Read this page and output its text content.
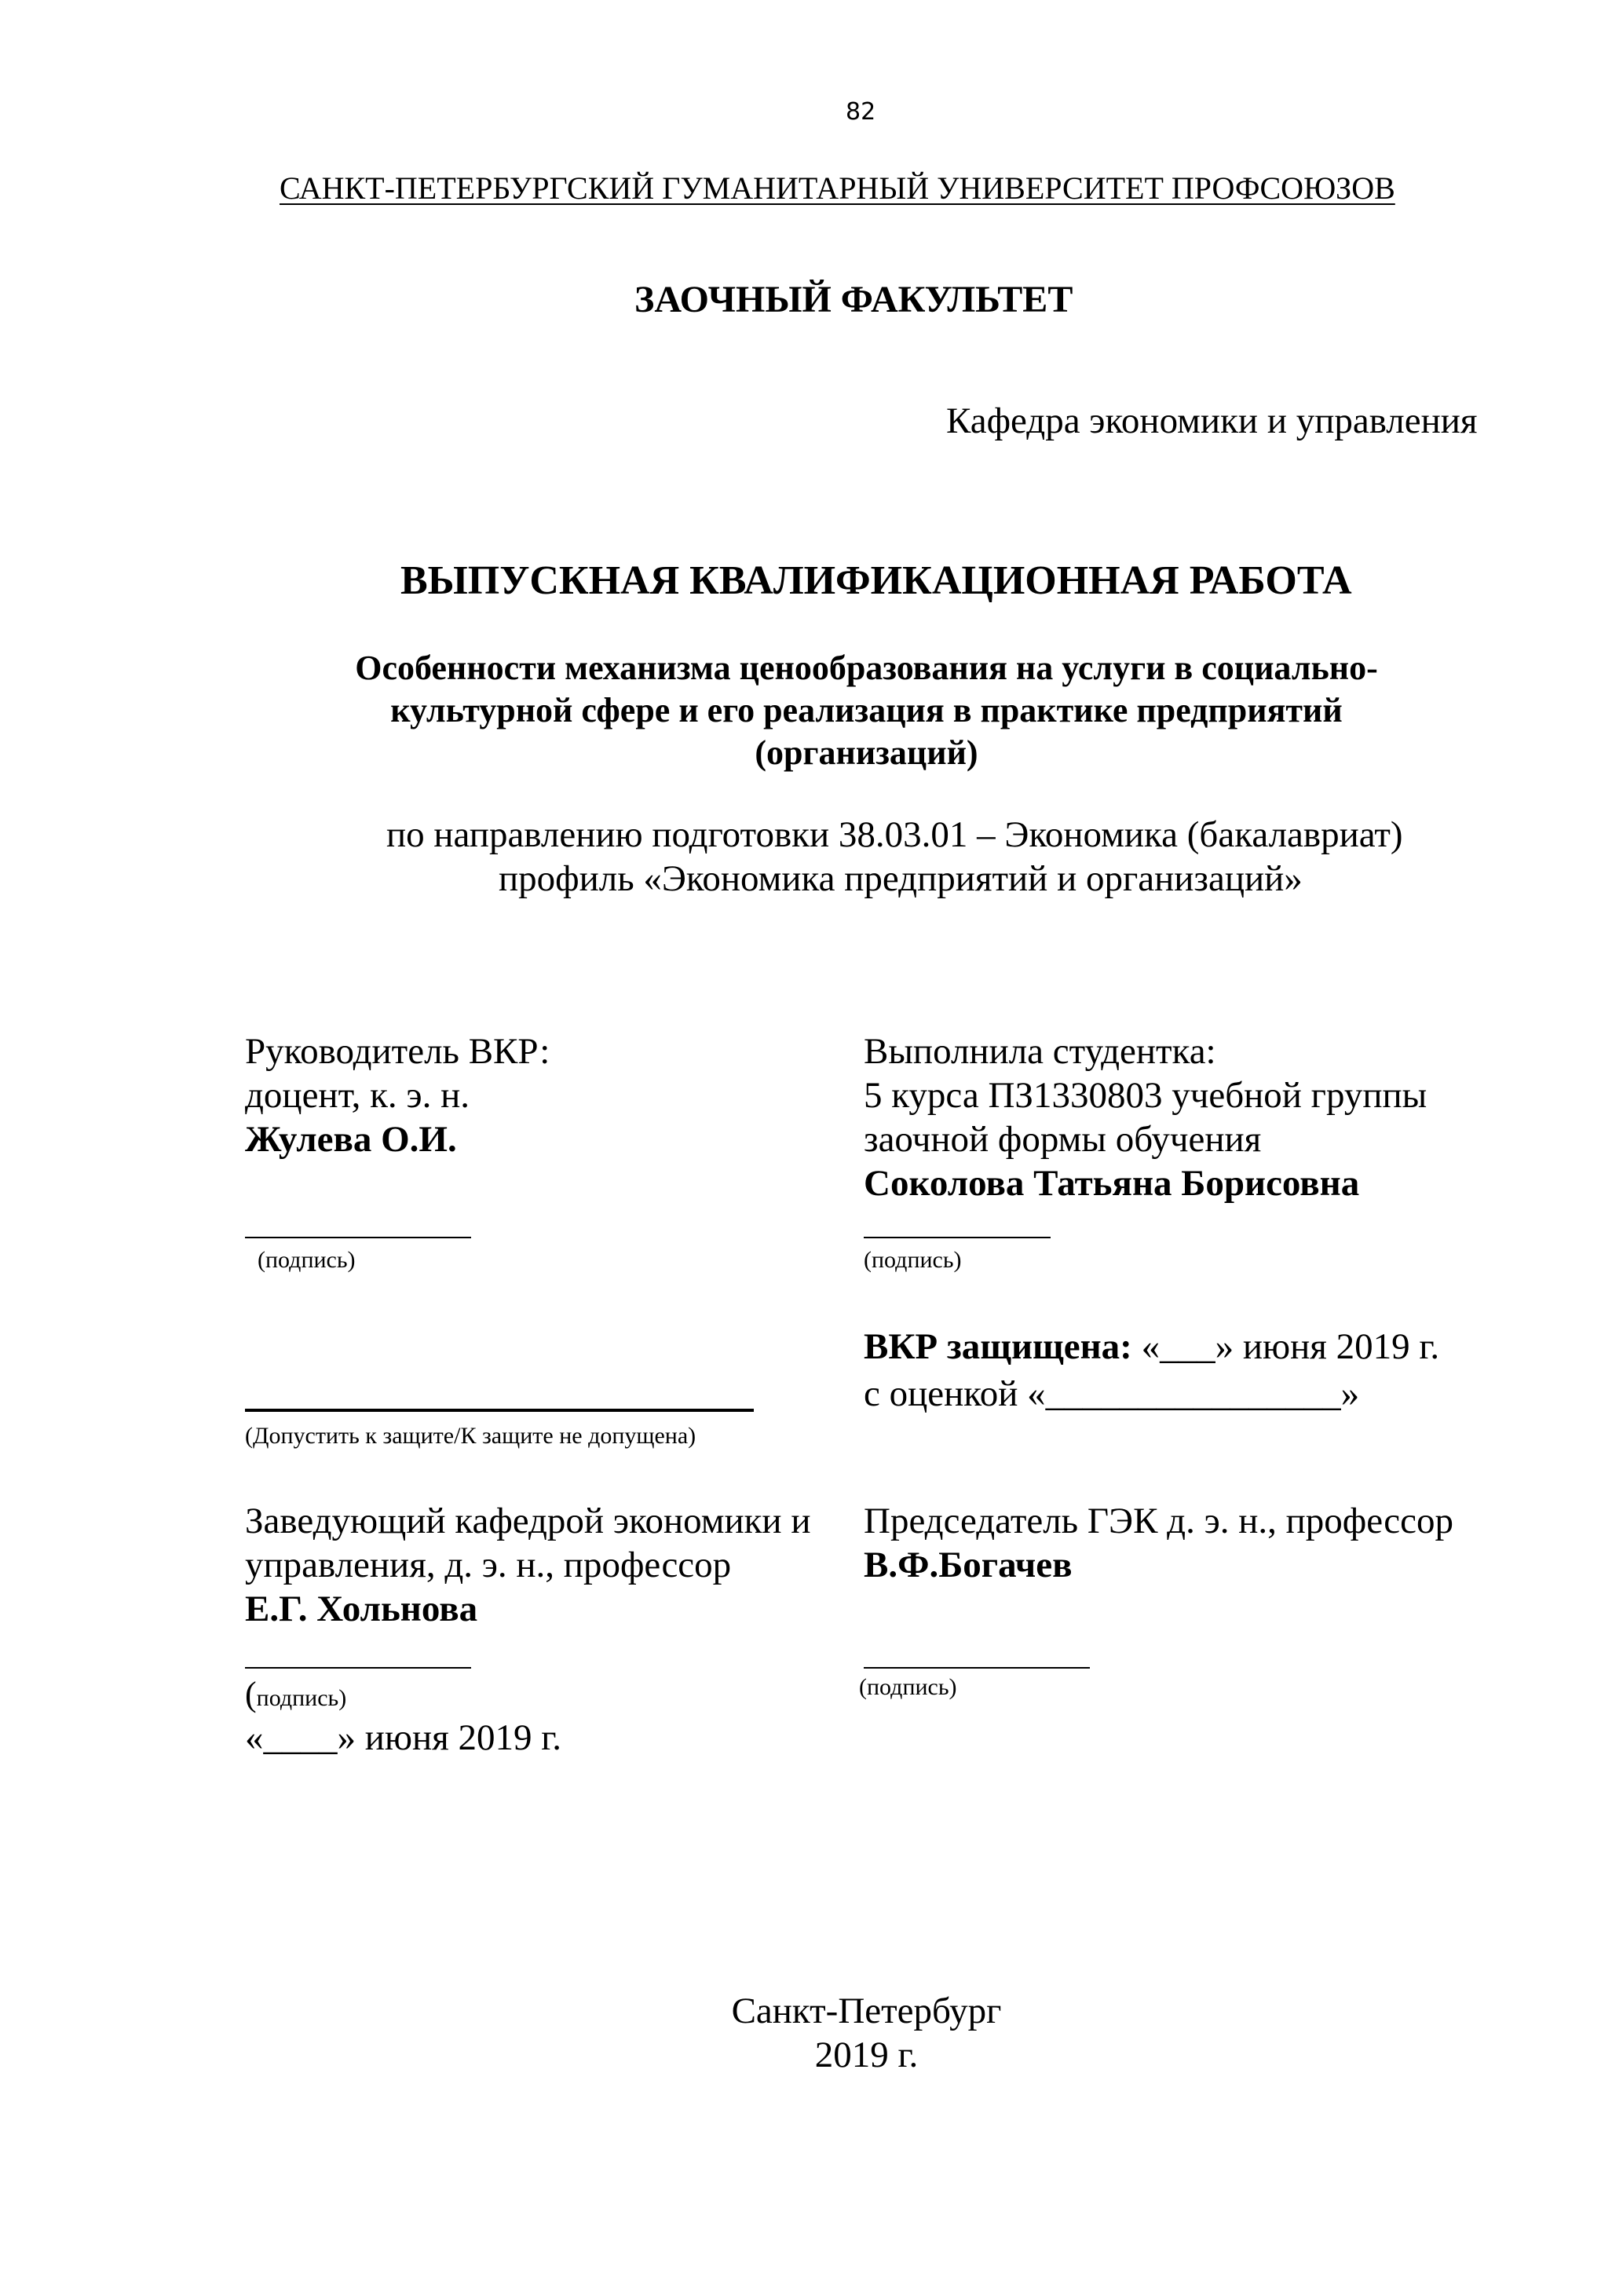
82
САНКТ-ПЕТЕРБУРГСКИЙ ГУМАНИТАРНЫЙ УНИВЕРСИТЕТ ПРОФСОЮЗОВ
ЗАОЧНЫЙ ФАКУЛЬТЕТ
Кафедра экономики и управления
ВЫПУСКНАЯ КВАЛИФИКАЦИОННАЯ РАБОТА
Особенности механизма ценообразования на услуги в социально-
культурной сфере и его реализация в практике предприятий
(организаций)
по направлению подготовки 38.03.01 – Экономика (бакалавриат)
профиль «Экономика предприятий и организаций»
Руководитель ВКР:
доцент, к. э. н.
Жулева О.И.
(подпись)
Выполнила студентка:
5 курса ПЗ1330803 учебной группы
заочной формы обучения
Соколова Татьяна Борисовна
(подпись)
ВКР защищена: «___» июня 2019 г.
с оценкой «________________»
(Допустить к защите/К защите не допущена)
Заведующий кафедрой экономики и
управления, д. э. н., профессор
Е.Г. Хольнова
(подпись)
«____» июня 2019 г.
Председатель ГЭК д. э. н., профессор
В.Ф.Богачев
(подпись)
Санкт-Петербург
2019 г.
